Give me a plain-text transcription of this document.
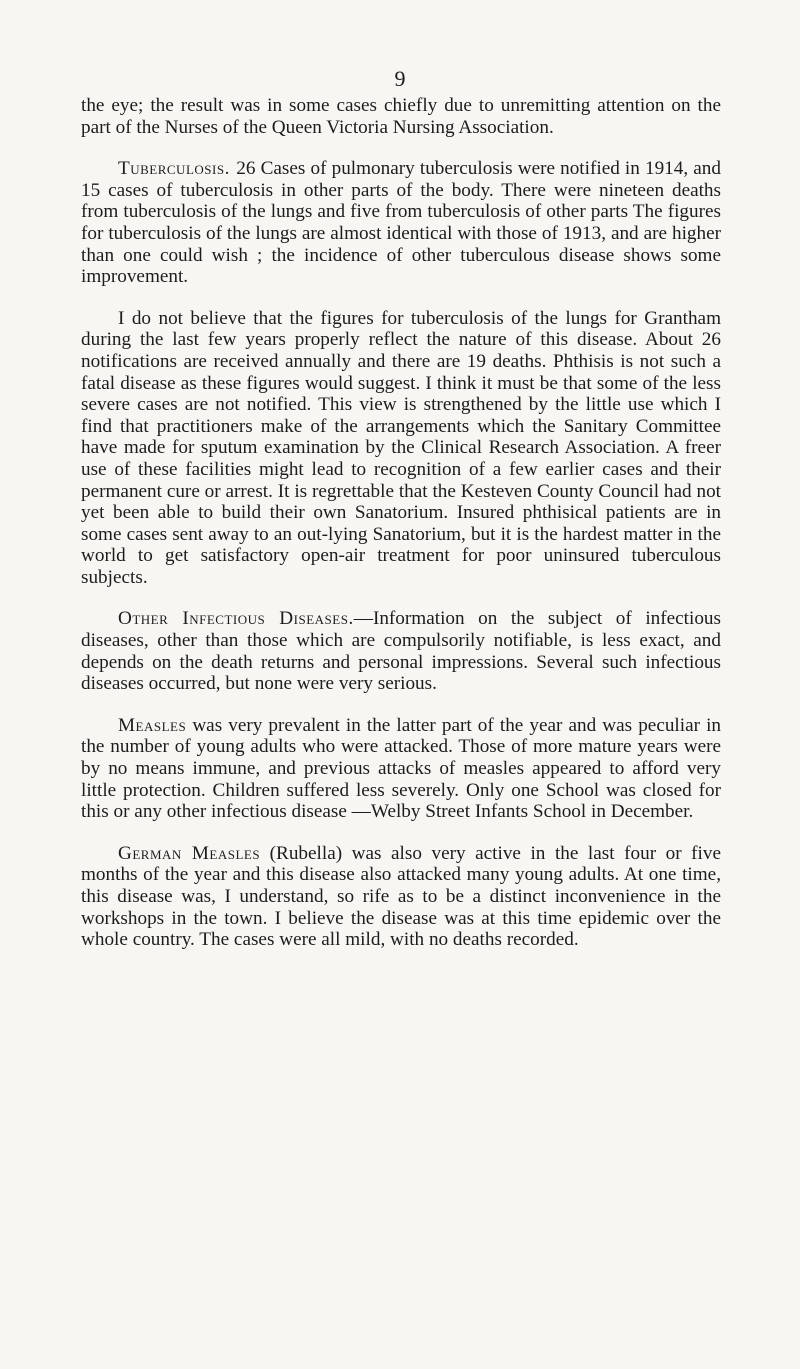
9

the eye; the result was in some cases chiefly due to unremitting attention on the part of the Nurses of the Queen Victoria Nursing Association.

Tuberculosis. 26 Cases of pulmonary tuberculosis were notified in 1914, and 15 cases of tuberculosis in other parts of the body. There were nineteen deaths from tuberculosis of the lungs and five from tuberculosis of other parts The figures for tuberculosis of the lungs are almost identical with those of 1913, and are higher than one could wish ; the incidence of other tuberculous disease shows some improvement.

I do not believe that the figures for tuberculosis of the lungs for Grantham during the last few years properly reflect the nature of this disease. About 26 notifications are received annually and there are 19 deaths. Phthisis is not such a fatal disease as these figures would suggest. I think it must be that some of the less severe cases are not notified. This view is strengthened by the little use which I find that practitioners make of the arrangements which the Sanitary Committee have made for sputum examination by the Clinical Research Association. A freer use of these facilities might lead to recognition of a few earlier cases and their permanent cure or arrest. It is regrettable that the Kesteven County Council had not yet been able to build their own Sanatorium. Insured phthisical patients are in some cases sent away to an out-lying Sanatorium, but it is the hardest matter in the world to get satisfactory open-air treatment for poor uninsured tuberculous subjects.

Other Infectious Diseases.—Information on the subject of infectious diseases, other than those which are compulsorily notifiable, is less exact, and depends on the death returns and personal impressions. Several such infectious diseases occurred, but none were very serious.

Measles was very prevalent in the latter part of the year and was peculiar in the number of young adults who were attacked. Those of more mature years were by no means immune, and previous attacks of measles appeared to afford very little protection. Children suffered less severely. Only one School was closed for this or any other infectious disease —Welby Street Infants School in December.

German Measles (Rubella) was also very active in the last four or five months of the year and this disease also attacked many young adults. At one time, this disease was, I understand, so rife as to be a distinct inconvenience in the workshops in the town. I believe the disease was at this time epidemic over the whole country. The cases were all mild, with no deaths recorded.
